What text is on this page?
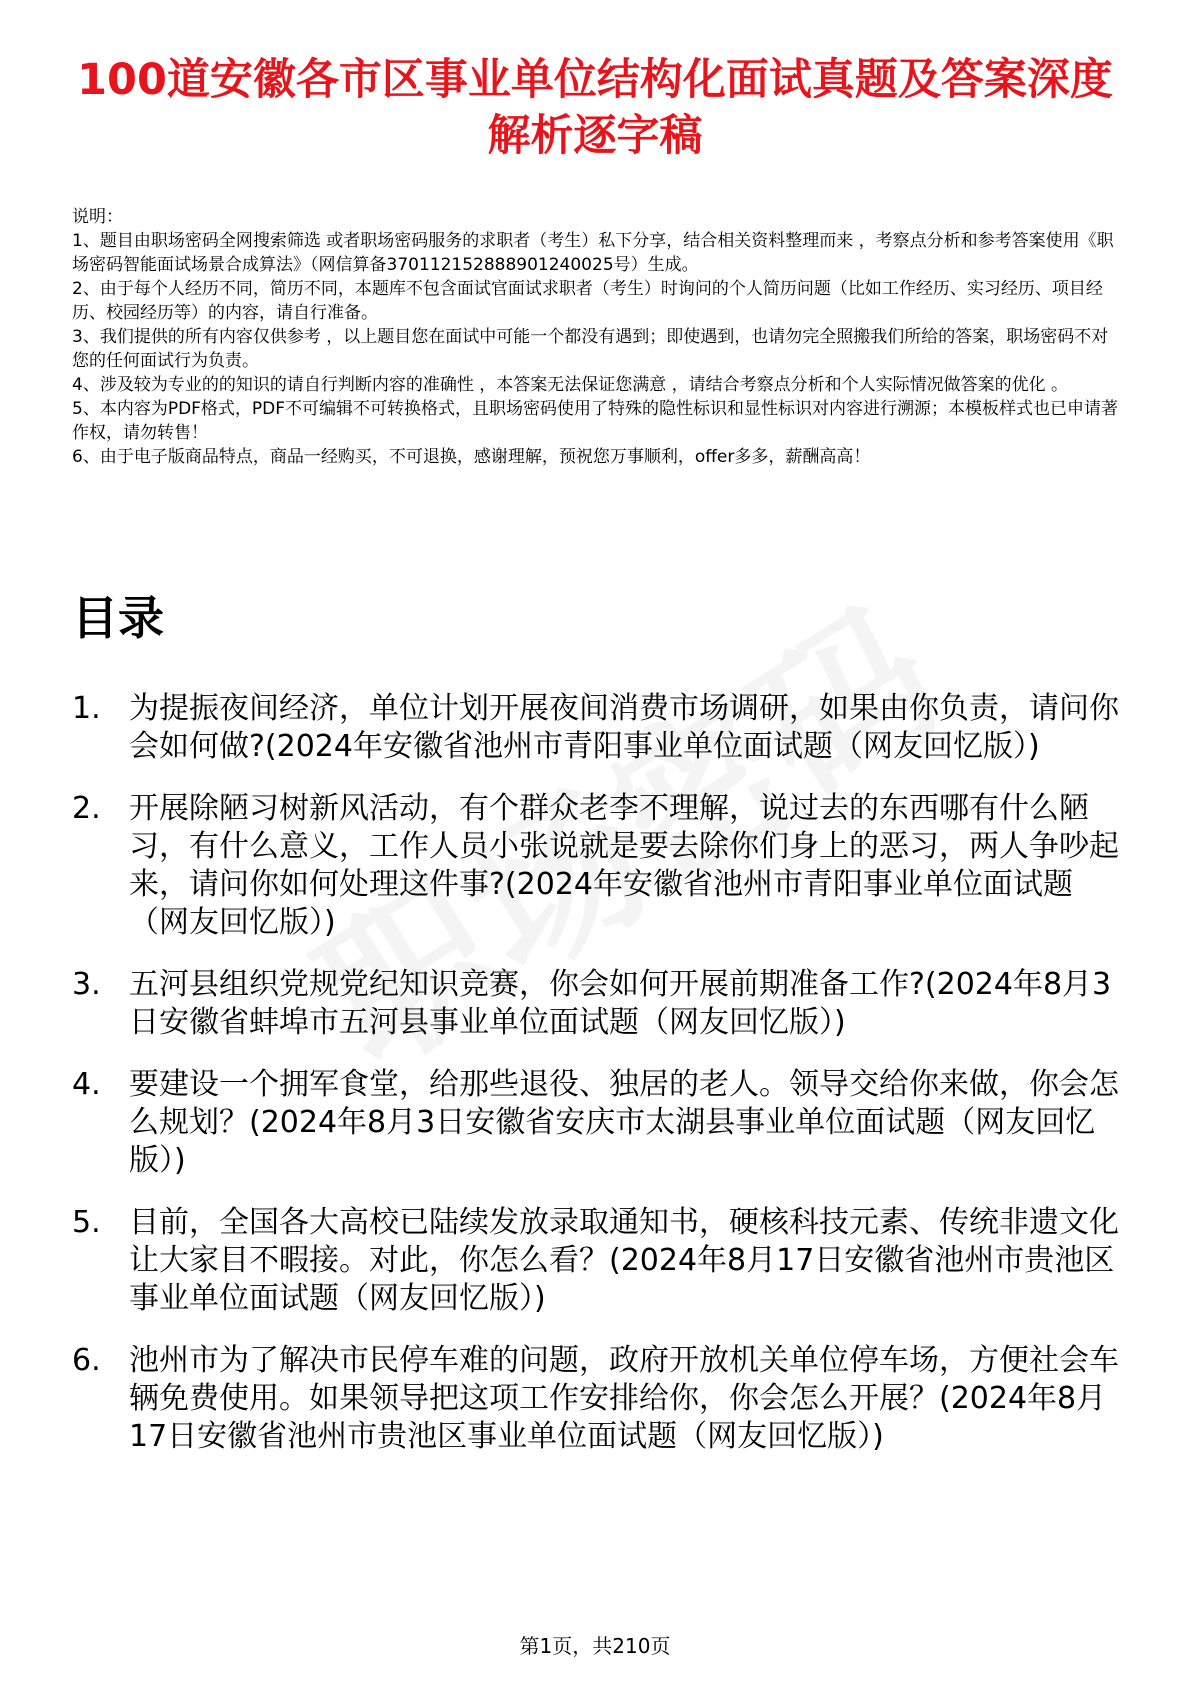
100道安徽各市区事业单位结构化面试真题及答案深度解析逐字稿

说明：

1、题目由职场密码全网搜索筛选 或者职场密码服务的求职者（考生）私下分享，结合相关资料整理而来 ，考察点分析和参考答案使用《职场密码智能面试场景合成算法》（网信算备370112152888901240025号）生成。

2、由于每个人经历不同，简历不同，本题库不包含面试官面试求职者（考生）时询问的个人简历问题（比如工作经历、实习经历、项目经历、校园经历等）的内容，请自行准备。

3、我们提供的所有内容仅供参考 ，以上题目您在面试中可能一个都没有遇到；即使遇到，也请勿完全照搬我们所给的答案，职场密码不对您的任何面试行为负责。

4、涉及较为专业的的知识的请自行判断内容的准确性 ，本答案无法保证您满意 ，请结合考察点分析和个人实际情况做答案的优化 。

5、本内容为PDF格式，PDF不可编辑不可转换格式，且职场密码使用了特殊的隐性标识和显性标识对内容进行溯源；本模板样式也已申请著作权，请勿转售！

6、由于电子版商品特点，商品一经购买，不可退换，感谢理解，预祝您万事顺利，offer多多，薪酬高高！

目录
1. 为提振夜间经济，单位计划开展夜间消费市场调研，如果由你负责，请问你会如何做?(2024年安徽省池州市青阳事业单位面试题（网友回忆版）)
2. 开展除陋习树新风活动，有个群众老李不理解，说过去的东西哪有什么陋习，有什么意义，工作人员小张说就是要去除你们身上的恶习，两人争吵起来，请问你如何处理这件事?(2024年安徽省池州市青阳事业单位面试题（网友回忆版）)
3. 五河县组织党规党纪知识竞赛，你会如何开展前期准备工作?(2024年8月3日安徽省蚌埠市五河县事业单位面试题（网友回忆版）)
4. 要建设一个拥军食堂，给那些退役、独居的老人。领导交给你来做，你会怎么规划？(2024年8月3日安徽省安庆市太湖县事业单位面试题（网友回忆版）)
5. 目前，全国各大高校已陆续发放录取通知书，硬核科技元素、传统非遗文化让大家目不暇接。对此，你怎么看？(2024年8月17日安徽省池州市贵池区事业单位面试题（网友回忆版）)
6. 池州市为了解决市民停车难的问题，政府开放机关单位停车场，方便社会车辆免费使用。如果领导把这项工作安排给你，你会怎么开展？(2024年8月17日安徽省池州市贵池区事业单位面试题（网友回忆版）)
第1页，共210页
